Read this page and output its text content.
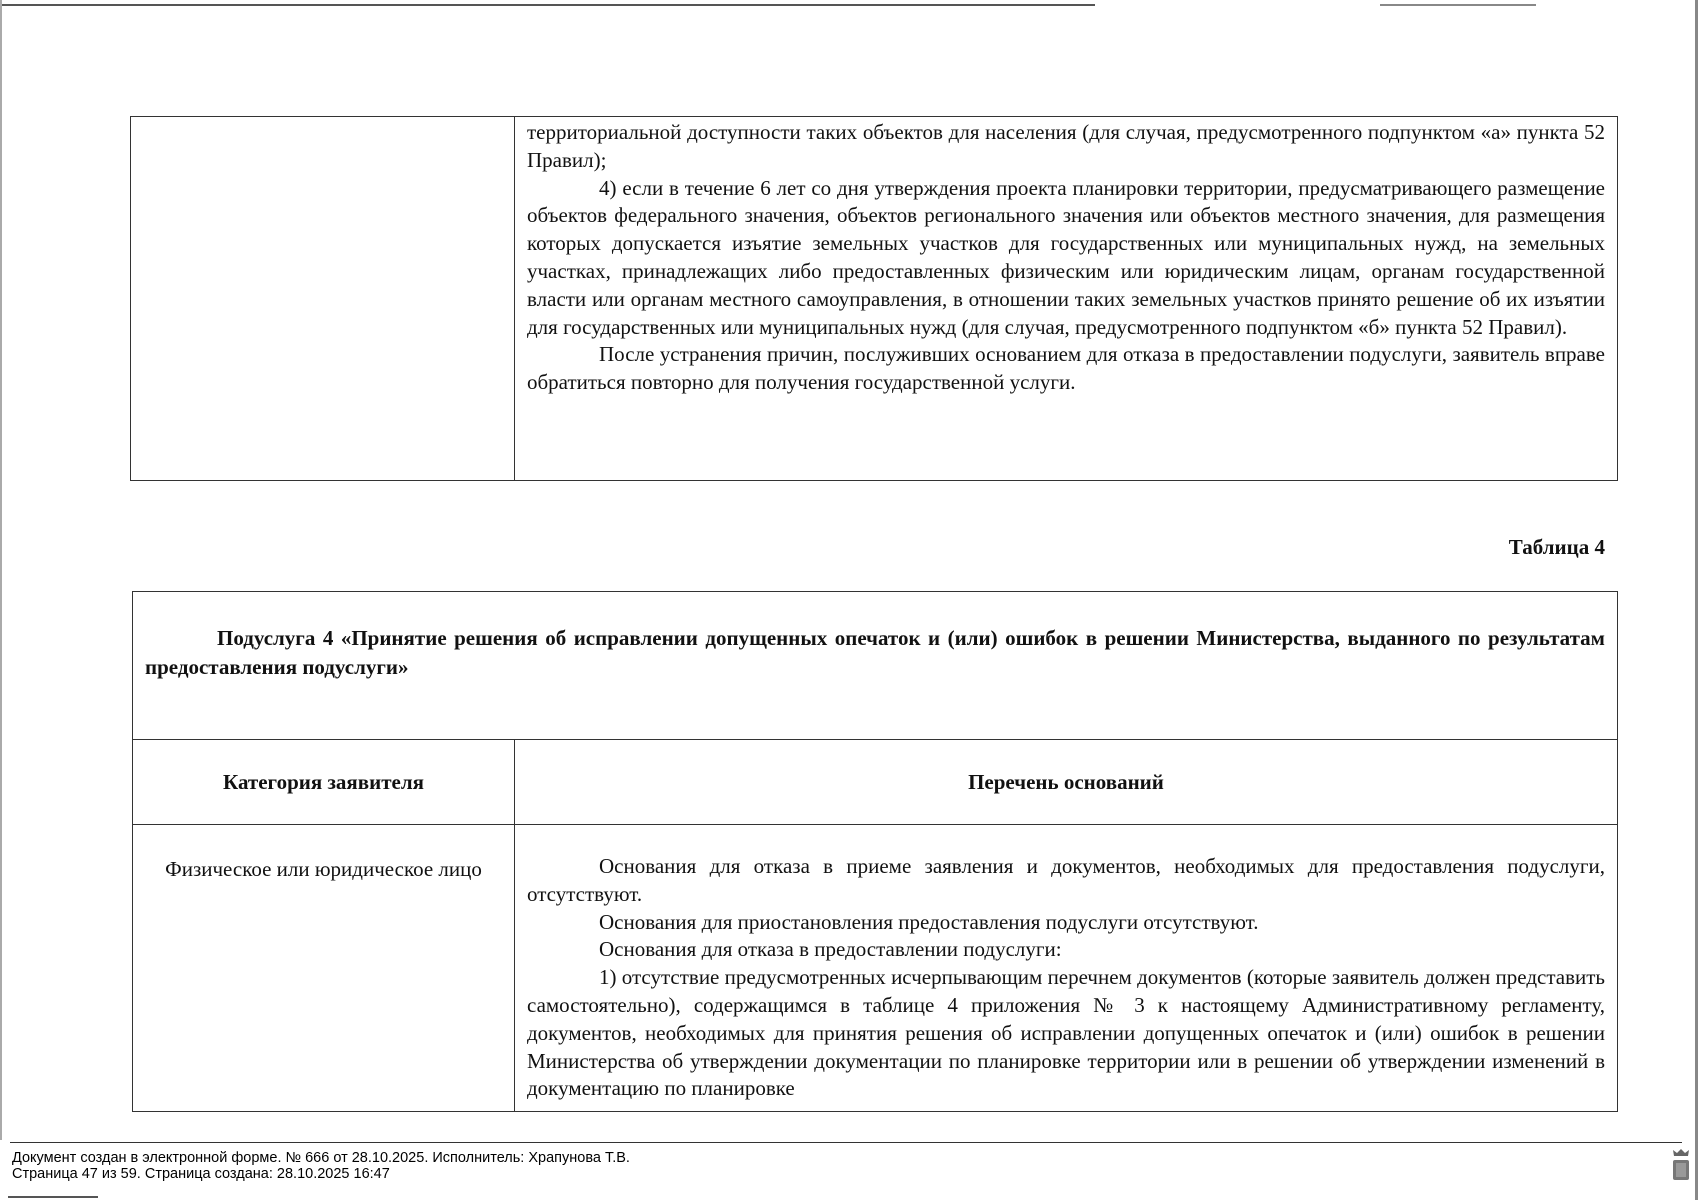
территориальной доступности таких объектов для населения (для случая, предусмотренного подпунктом «а» пункта 52 Правил);

4) если в течение 6 лет со дня утверждения проекта планировки территории, предусматривающего размещение объектов федерального значения, объектов регионального значения или объектов местного значения, для размещения которых допускается изъятие земельных участков для государственных или муниципальных нужд, на земельных участках, принадлежащих либо предоставленных физическим или юридическим лицам, органам государственной власти или органам местного самоуправления, в отношении таких земельных участков принято решение об их изъятии для государственных или муниципальных нужд (для случая, предусмотренного подпунктом «б» пункта 52 Правил).

После устранения причин, послуживших основанием для отказа в предоставлении подуслуги, заявитель вправе обратиться повторно для получения государственной услуги.

Таблица 4

Подуслуга 4 «Принятие решения об исправлении допущенных опечаток и (или) ошибок в решении Министерства, выданного по результатам предоставления подуслуги»	

Категория заявителя	Перечень оснований
Физическое или юридическое лицо	Основания для отказа в приеме заявления и документов, необходимых для предоставления подуслуги, отсутствуют.

Основания для приостановления предоставления подуслуги отсутствуют.

Основания для отказа в предоставлении подуслуги:

1) отсутствие предусмотренных исчерпывающим перечнем документов (которые заявитель должен представить самостоятельно), содержащимся в таблице 4 приложения № 3 к настоящему Административному регламенту, документов, необходимых для принятия решения об исправлении допущенных опечаток и (или) ошибок в решении Министерства об утверждении документации по планировке территории или в решении об утверждении изменений в документацию по планировке

Документ создан в электронной форме. № 666 от 28.10.2025. Исполнитель: Храпунова Т.В.
Страница 47 из 59. Страница создана: 28.10.2025 16:47
